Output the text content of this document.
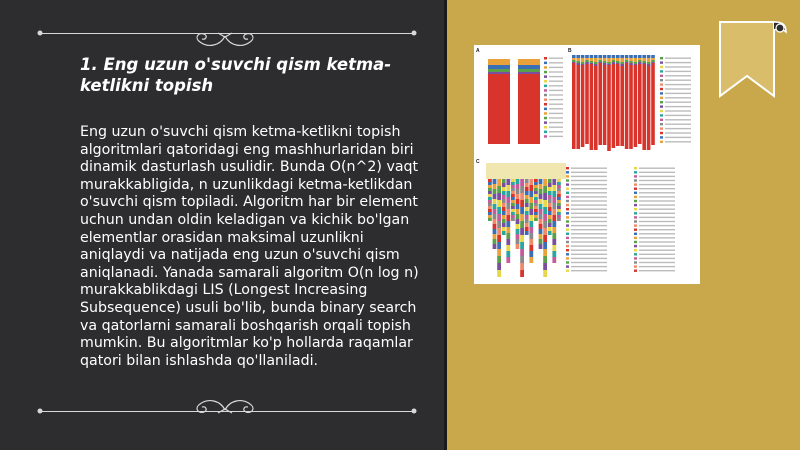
1. Eng uzun o'suvchi qism ketma-ketlikni topish

Eng uzun o'suvchi qism ketma-ketlikni topish algoritmlari qatoridagi eng mashhurlaridan biri dinamik dasturlash usulidir. Bunda O(n^2) vaqt murakkabligida, n uzunlikdagi ketma-ketlikdan o'suvchi qism topiladi. Algoritm har bir element uchun undan oldin keladigan va kichik bo'lgan elementlar orasidan maksimal uzunlikni aniqlaydi va natijada eng uzun o'suvchi qism aniqlanadi. Yanada samarali algoritm O(n log n) murakkablikdagi LIS (Longest Increasing Subsequence) usuli bo'lib, bunda binary search va qatorlarni samarali boshqarish orqali topish mumkin. Bu algoritmlar ko'p hollarda raqamlar qatori bilan ishlashda qo'llaniladi.

A	B
C
